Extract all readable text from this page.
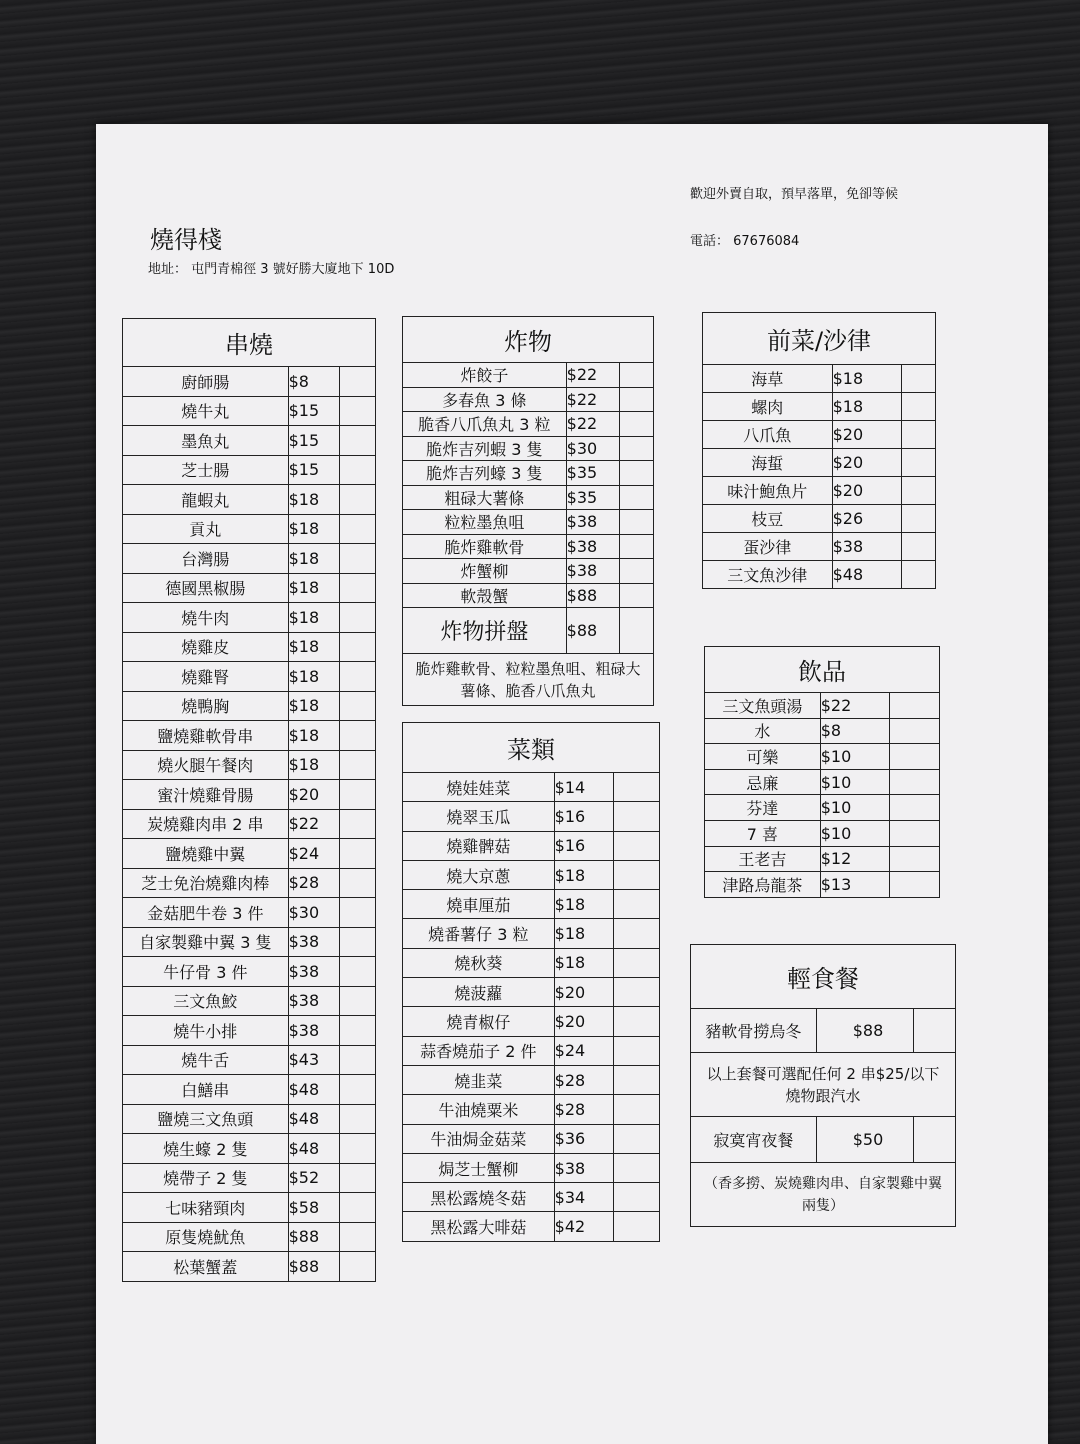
燒得棧
地址： 屯門青棉徑 3 號好勝大廈地下 10D
歡迎外賣自取，預早落單，免卻等候
電話： 67676084
串燒		
廚師腸	$8	
燒牛丸	$15	
墨魚丸	$15	
芝士腸	$15	
龍蝦丸	$18	
貢丸	$18	
台灣腸	$18	
德國黑椒腸	$18	
燒牛肉	$18	
燒雞皮	$18	
燒雞腎	$18	
燒鴨胸	$18	
鹽燒雞軟骨串	$18	
燒火腿午餐肉	$18	
蜜汁燒雞骨腸	$20	
炭燒雞肉串 2 串	$22	
鹽燒雞中翼	$24	
芝士免治燒雞肉棒	$28	
金菇肥牛卷 3 件	$30	
自家製雞中翼 3 隻	$38	
牛仔骨 3 件	$38	
三文魚鮫	$38	
燒牛小排	$38	
燒牛舌	$43	
白鱔串	$48	
鹽燒三文魚頭	$48	
燒生蠔 2 隻	$48	
燒帶子 2 隻	$52	
七味豬頸肉	$58	
原隻燒魷魚	$88	
松葉蟹蓋	$88	
炸物		
炸餃子	$22	
多春魚 3 條	$22	
脆香八爪魚丸 3 粒	$22	
脆炸吉列蝦 3 隻	$30	
脆炸吉列蠔 3 隻	$35	
粗碌大薯條	$35	
粒粒墨魚咀	$38	
脆炸雞軟骨	$38	
炸蟹柳	$38	
軟殼蟹	$88	
炸物拼盤	$88	
脆炸雞軟骨、粒粒墨魚咀、粗碌大薯條、脆香八爪魚丸		
菜類		
燒娃娃菜	$14	
燒翠玉瓜	$16	
燒雞髀菇	$16	
燒大京蔥	$18	
燒車厘茄	$18	
燒番薯仔 3 粒	$18	
燒秋葵	$18	
燒菠蘿	$20	
燒青椒仔	$20	
蒜香燒茄子 2 件	$24	
燒韭菜	$28	
牛油燒粟米	$28	
牛油焗金菇菜	$36	
焗芝士蟹柳	$38	
黑松露燒冬菇	$34	
黑松露大啡菇	$42	
前菜/沙律		
海草	$18	
螺肉	$18	
八爪魚	$20	
海蜇	$20	
味汁鮑魚片	$20	
枝豆	$26	
蛋沙律	$38	
三文魚沙律	$48	
飲品		
三文魚頭湯	$22	
水	$8	
可樂	$10	
忌廉	$10	
芬達	$10	
7 喜	$10	
王老吉	$12	
津路烏龍茶	$13	
輕食餐		
豬軟骨撈烏冬	$88	
以上套餐可選配任何 2 串$25/以下燒物跟汽水		
寂寞宵夜餐	$50	
（香多撈、炭燒雞肉串、自家製雞中翼兩隻）		
